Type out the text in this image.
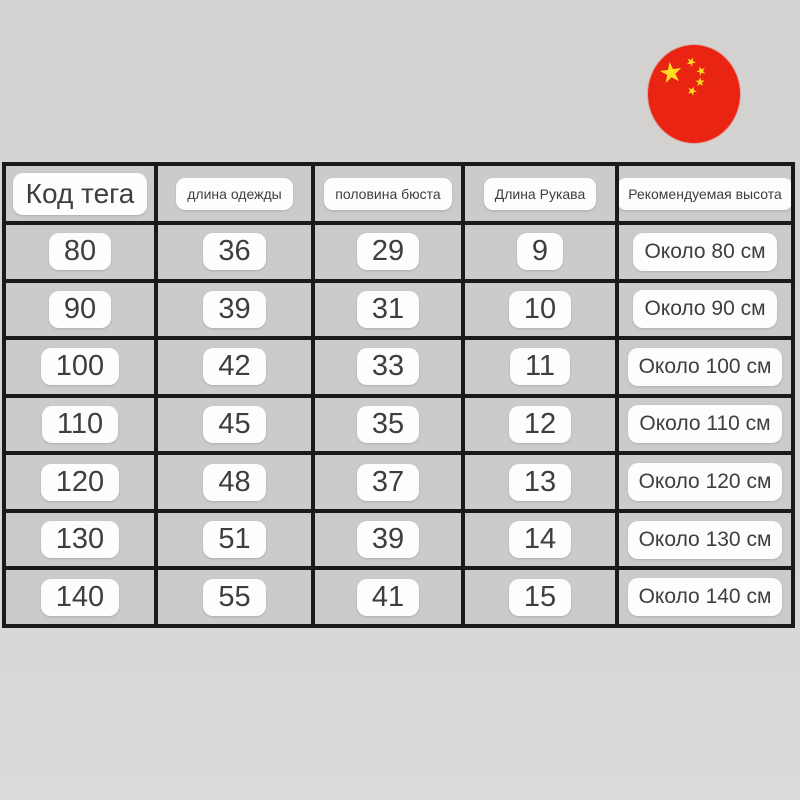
★
★
★
★
★
Код тега	длина одежды	половина бюста	Длина Рукава	Рекомендуемая высота
80	36	29	9	Около 80 см
90	39	31	10	Около 90 см
100	42	33	11	Около 100 см
110	45	35	12	Около 110 см
120	48	37	13	Около 120 см
130	51	39	14	Около 130 см
140	55	41	15	Около 140 см
